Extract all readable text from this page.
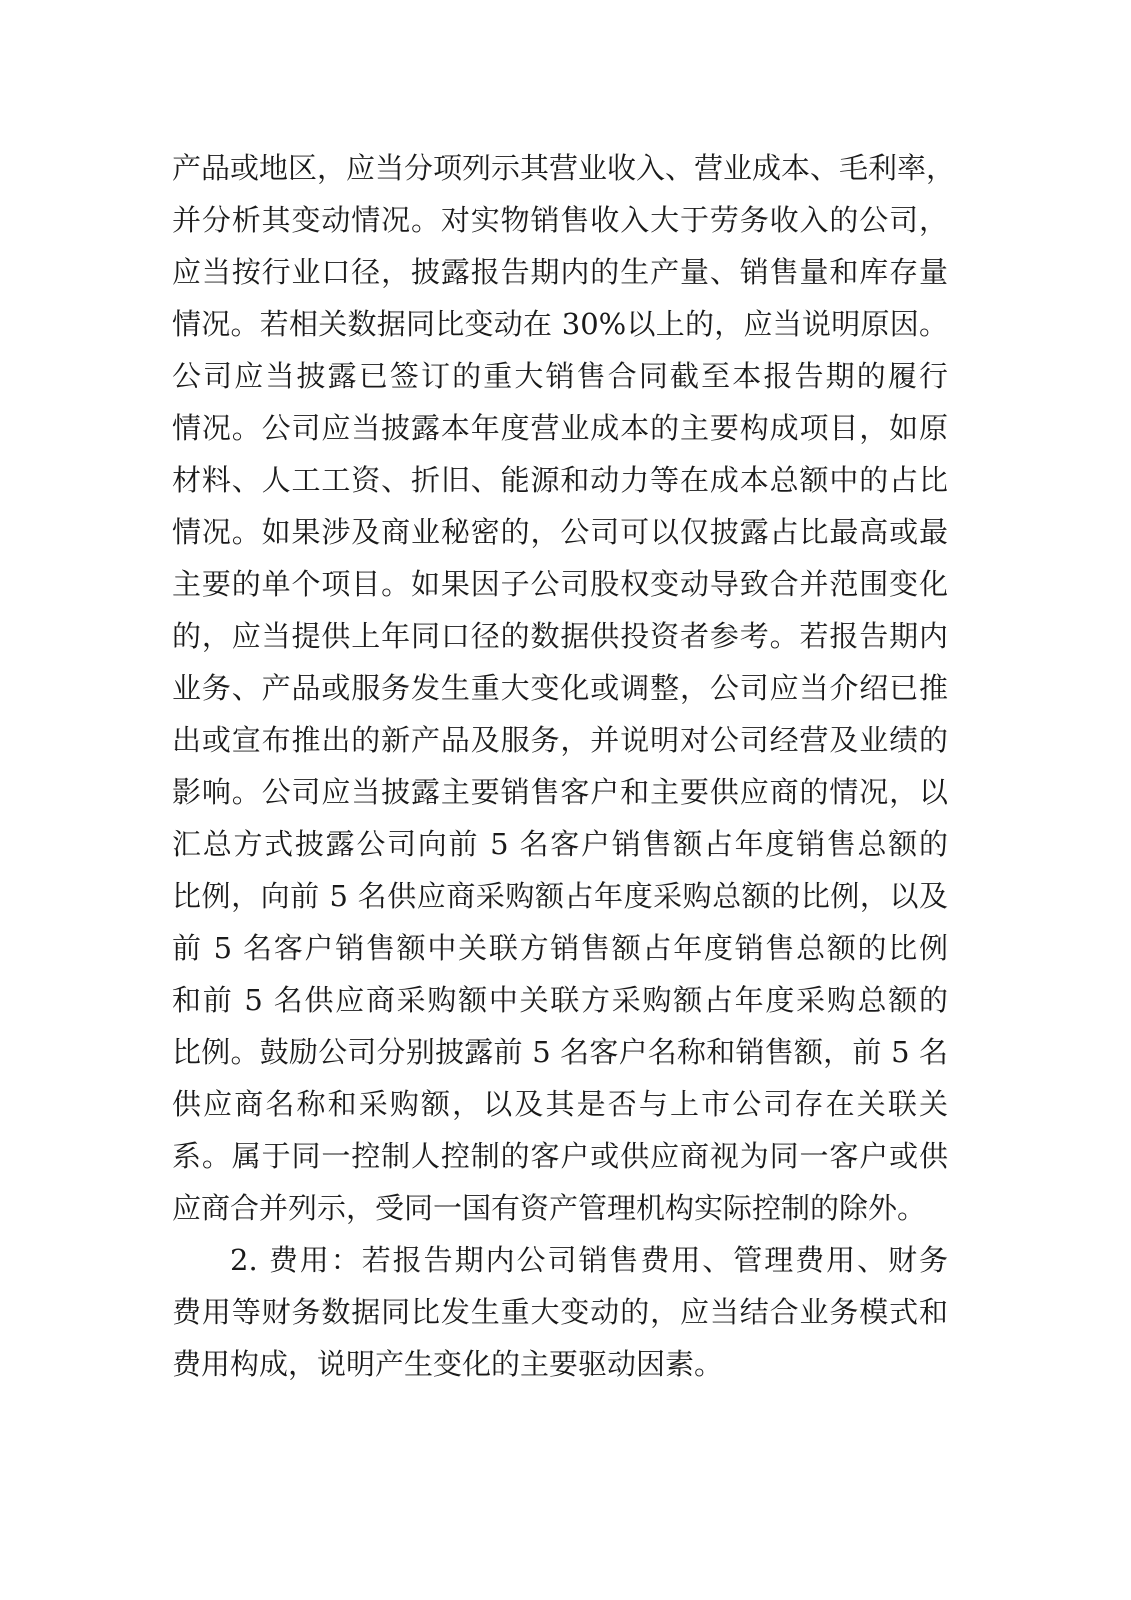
产品或地区，应当分项列示其营业收入、营业成本、毛利率，
并分析其变动情况。对实物销售收入大于劳务收入的公司，
应当按行业口径，披露报告期内的生产量、销售量和库存量
情况。若相关数据同比变动在 30%以上的，应当说明原因。
公司应当披露已签订的重大销售合同截至本报告期的履行
情况。公司应当披露本年度营业成本的主要构成项目，如原
材料、人工工资、折旧、能源和动力等在成本总额中的占比
情况。如果涉及商业秘密的，公司可以仅披露占比最高或最
主要的单个项目。如果因子公司股权变动导致合并范围变化
的，应当提供上年同口径的数据供投资者参考。若报告期内
业务、产品或服务发生重大变化或调整，公司应当介绍已推
出或宣布推出的新产品及服务，并说明对公司经营及业绩的
影响。公司应当披露主要销售客户和主要供应商的情况，以
汇总方式披露公司向前 5 名客户销售额占年度销售总额的
比例，向前 5 名供应商采购额占年度采购总额的比例，以及
前 5 名客户销售额中关联方销售额占年度销售总额的比例
和前 5 名供应商采购额中关联方采购额占年度采购总额的
比例。鼓励公司分别披露前 5 名客户名称和销售额，前 5 名
供应商名称和采购额，以及其是否与上市公司存在关联关
系。属于同一控制人控制的客户或供应商视为同一客户或供
应商合并列示，受同一国有资产管理机构实际控制的除外。
2. 费用：若报告期内公司销售费用、管理费用、财务
费用等财务数据同比发生重大变动的，应当结合业务模式和
费用构成，说明产生变化的主要驱动因素。
